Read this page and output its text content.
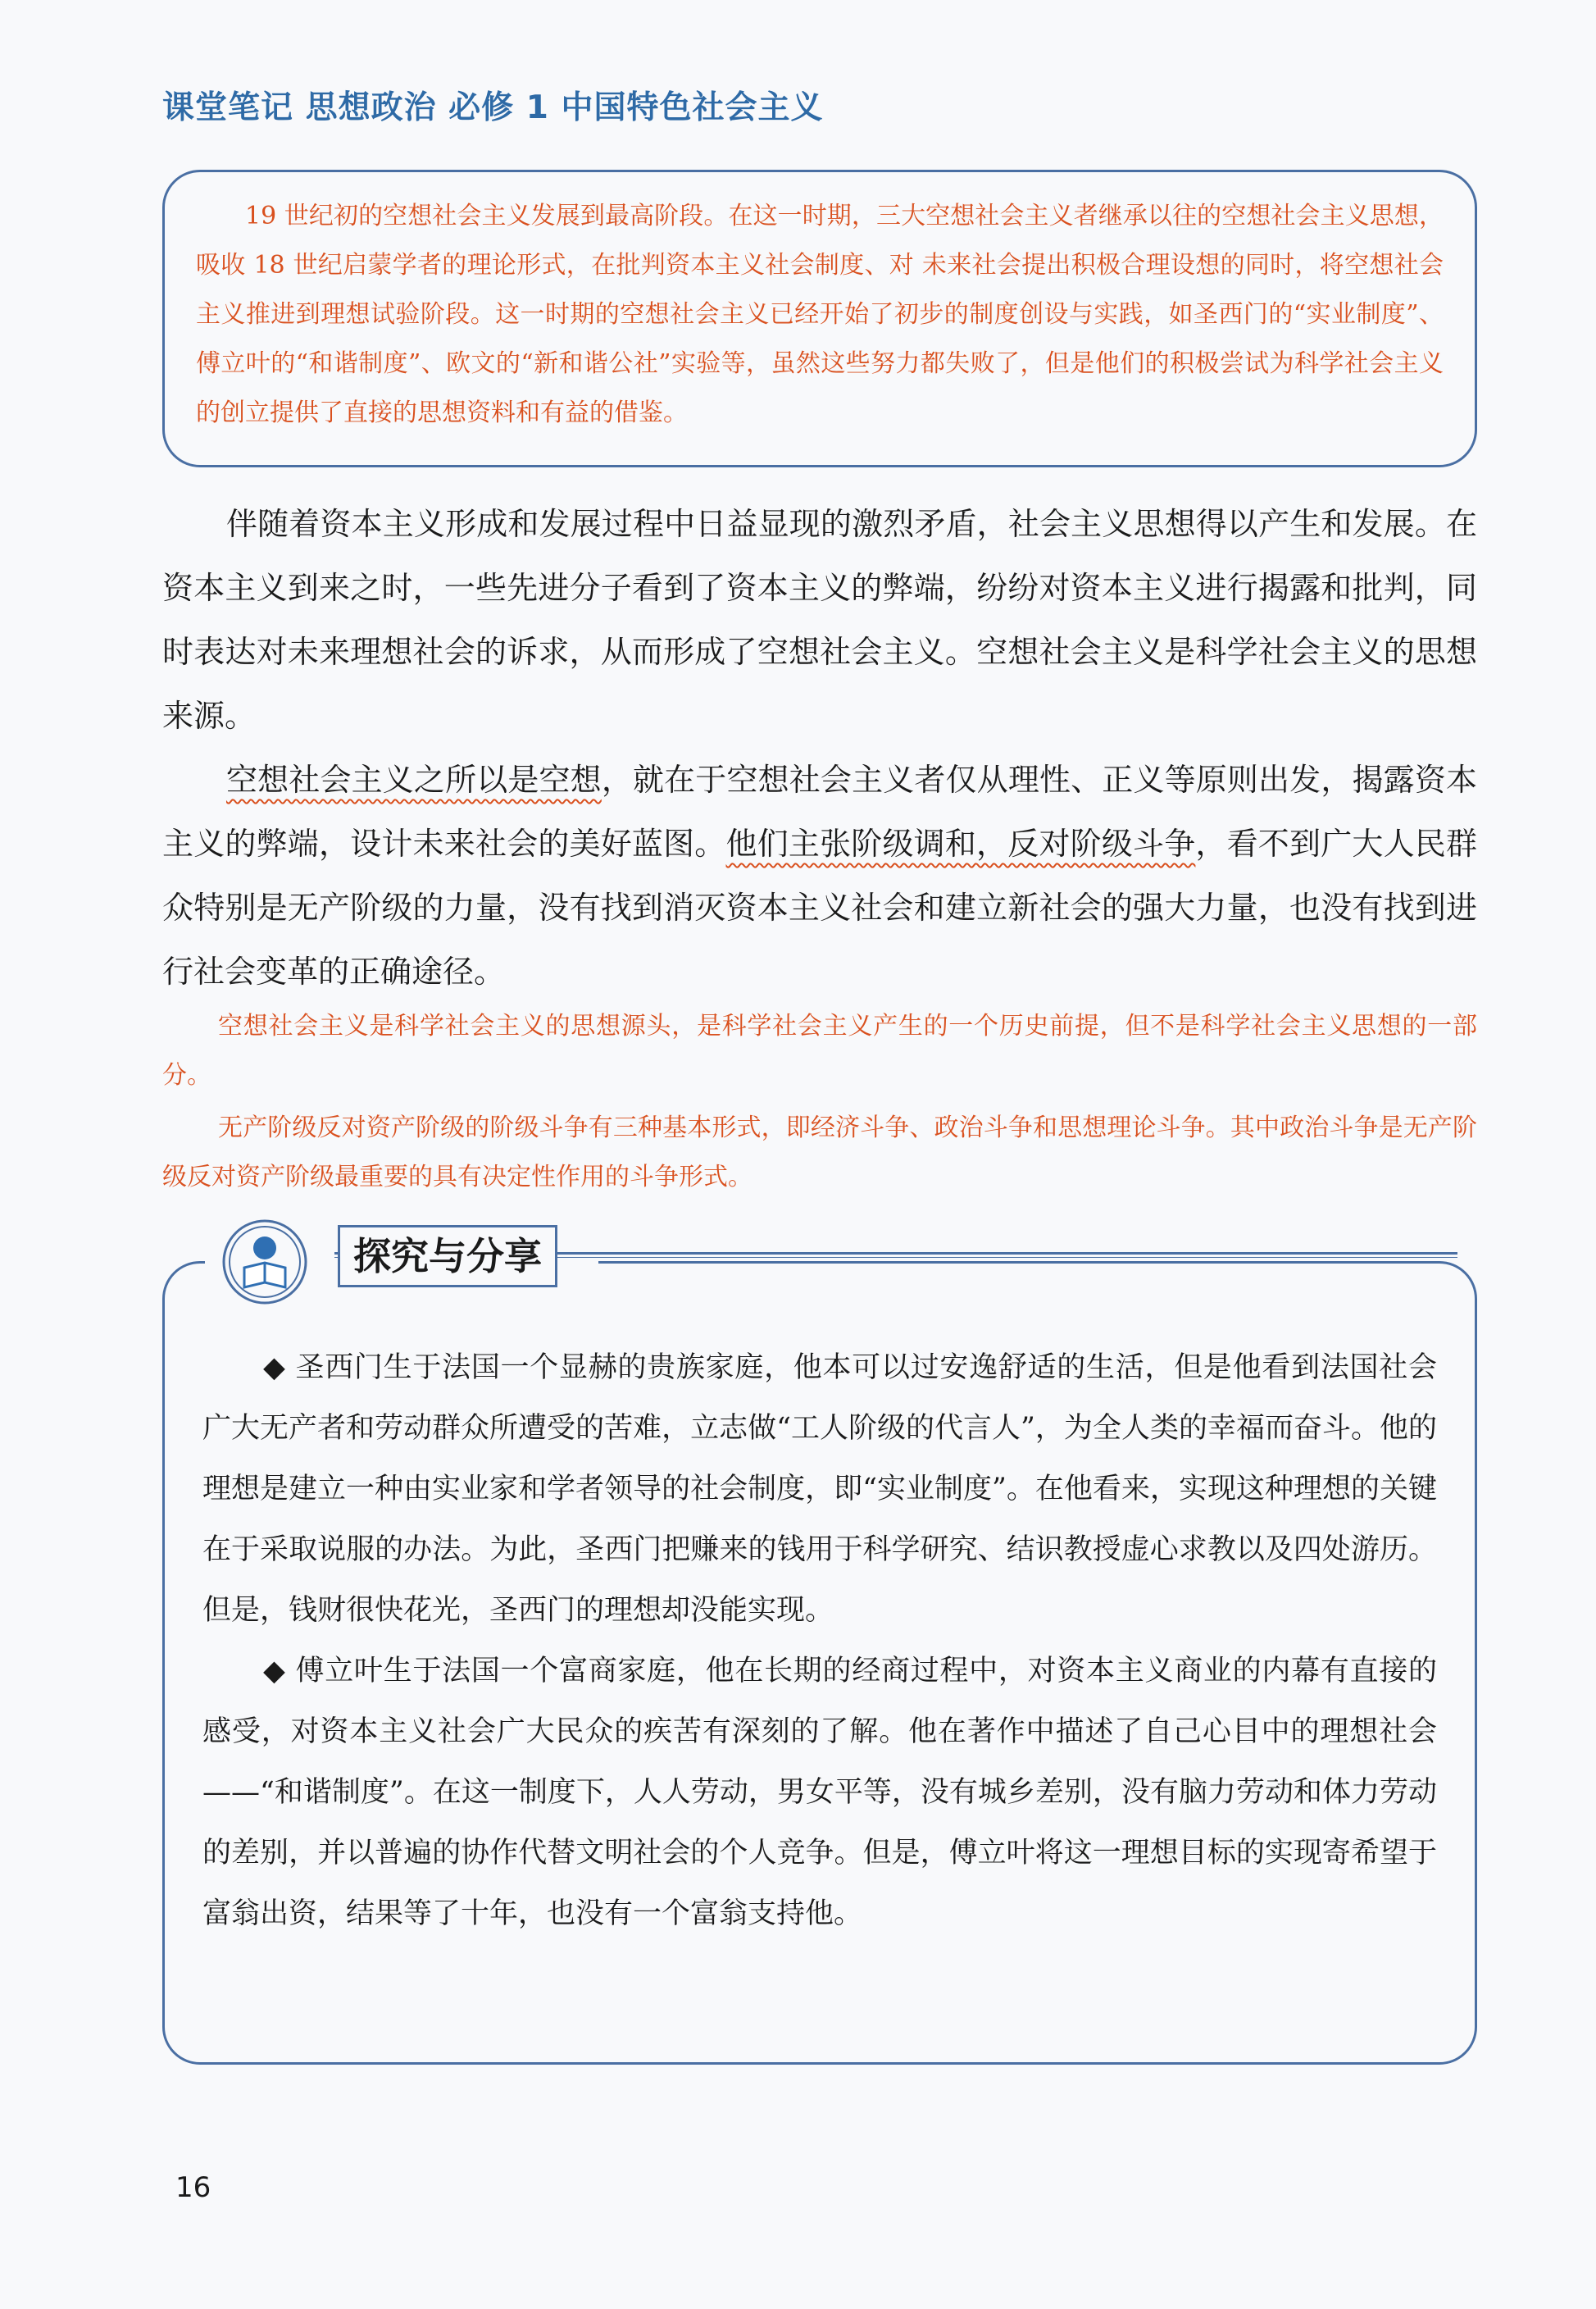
课堂笔记 思想政治 必修 1 中国特色社会主义

19 世纪初的空想社会主义发展到最高阶段。在这一时期，三大空想社会主义者继承以往的空想社会主义思想，吸收 18 世纪启蒙学者的理论形式，在批判资本主义社会制度、对 未来社会提出积极合理设想的同时，将空想社会主义推进到理想试验阶段。这一时期的空想社会主义已经开始了初步的制度创设与实践，如圣西门的“实业制度”、傅立叶的“和谐制度”、欧文的“新和谐公社”实验等，虽然这些努力都失败了，但是他们的积极尝试为科学社会主义的创立提供了直接的思想资料和有益的借鉴。

伴随着资本主义形成和发展过程中日益显现的激烈矛盾，社会主义思想得以产生和发展。在资本主义到来之时，一些先进分子看到了资本主义的弊端，纷纷对资本主义进行揭露和批判，同时表达对未来理想社会的诉求，从而形成了空想社会主义。空想社会主义是科学社会主义的思想来源。

空想社会主义之所以是空想，就在于空想社会主义者仅从理性、正义等原则出发，揭露资本主义的弊端，设计未来社会的美好蓝图。他们主张阶级调和，反对阶级斗争，看不到广大人民群众特别是无产阶级的力量，没有找到消灭资本主义社会和建立新社会的强大力量，也没有找到进行社会变革的正确途径。

空想社会主义是科学社会主义的思想源头，是科学社会主义产生的一个历史前提，但不是科学社会主义思想的一部分。

无产阶级反对资产阶级的阶级斗争有三种基本形式，即经济斗争、政治斗争和思想理论斗争。其中政治斗争是无产阶级反对资产阶级最重要的具有决定性作用的斗争形式。

◆ 圣西门生于法国一个显赫的贵族家庭，他本可以过安逸舒适的生活，但是他看到法国社会广大无产者和劳动群众所遭受的苦难，立志做“工人阶级的代言人”，为全人类的幸福而奋斗。他的理想是建立一种由实业家和学者领导的社会制度，即“实业制度”。在他看来，实现这种理想的关键在于采取说服的办法。为此，圣西门把赚来的钱用于科学研究、结识教授虚心求教以及四处游历。但是，钱财很快花光，圣西门的理想却没能实现。

◆ 傅立叶生于法国一个富商家庭，他在长期的经商过程中，对资本主义商业的内幕有直接的感受，对资本主义社会广大民众的疾苦有深刻的了解。他在著作中描述了自己心目中的理想社会——“和谐制度”。在这一制度下，人人劳动，男女平等，没有城乡差别，没有脑力劳动和体力劳动的差别，并以普遍的协作代替文明社会的个人竞争。但是，傅立叶将这一理想目标的实现寄希望于富翁出资，结果等了十年，也没有一个富翁支持他。

探究与分享
16
